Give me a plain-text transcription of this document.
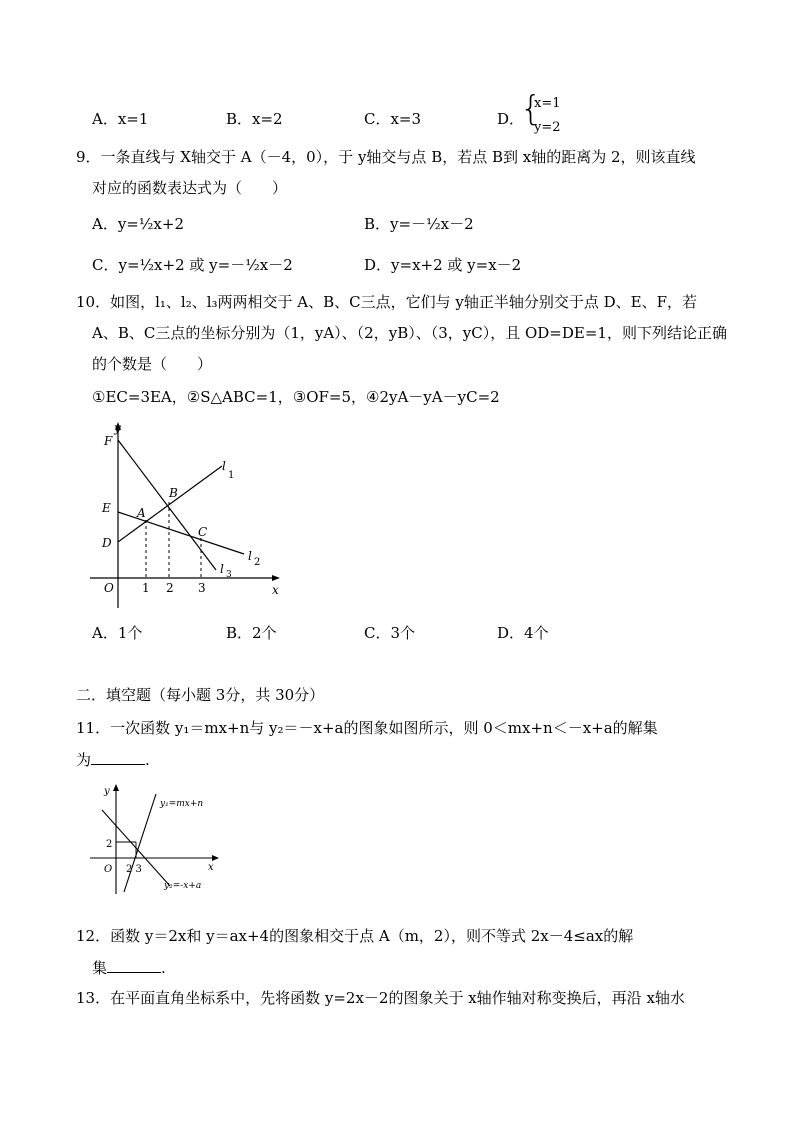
A．x=1	B．x=2	C．x=3	D．
{
x=1
y=2
9．一条直线与 X轴交于 A（－4，0），于 y轴交与点 B，若点 B到 x轴的距离为 2，则该直线
对应的函数表达式为（　　）
A．y=½x+2	B．y=－½x－2
C．y=½x+2 或 y=－½x－2	D．y=x+2 或 y=x－2
10．如图，l₁、l₂、l₃两两相交于 A、B、C三点，它们与 y轴正半轴分别交于点 D、E、F，若
A、B、C三点的坐标分别为（1，yA）、（2，yB）、（3，yC），且 OD=DE=1，则下列结论正确
的个数是（　　）
①EC=3EA，②S△ABC=1，③OF=5，④2yA－yA－yC=2
y
x
O
F
E
D
A
B
C
l
1
l 2
l 3
1 2 3
A．1个	B．2个	C．3个	D．4个
二．填空题（每小题 3分，共 30分）
11．一次函数 y₁＝mx+n与 y₂＝－x+a的图象如图所示，则 0＜mx+n＜－x+a的解集
为	.
y
x
O
2
2 3
y₁=mx+n
y₂=-x+a
12．函数 y＝2x和 y＝ax+4的图象相交于点 A（m，2），则不等式 2x－4≤ax的解
集	.
13．在平面直角坐标系中，先将函数 y=2x－2的图象关于 x轴作轴对称变换后，再沿 x轴水
